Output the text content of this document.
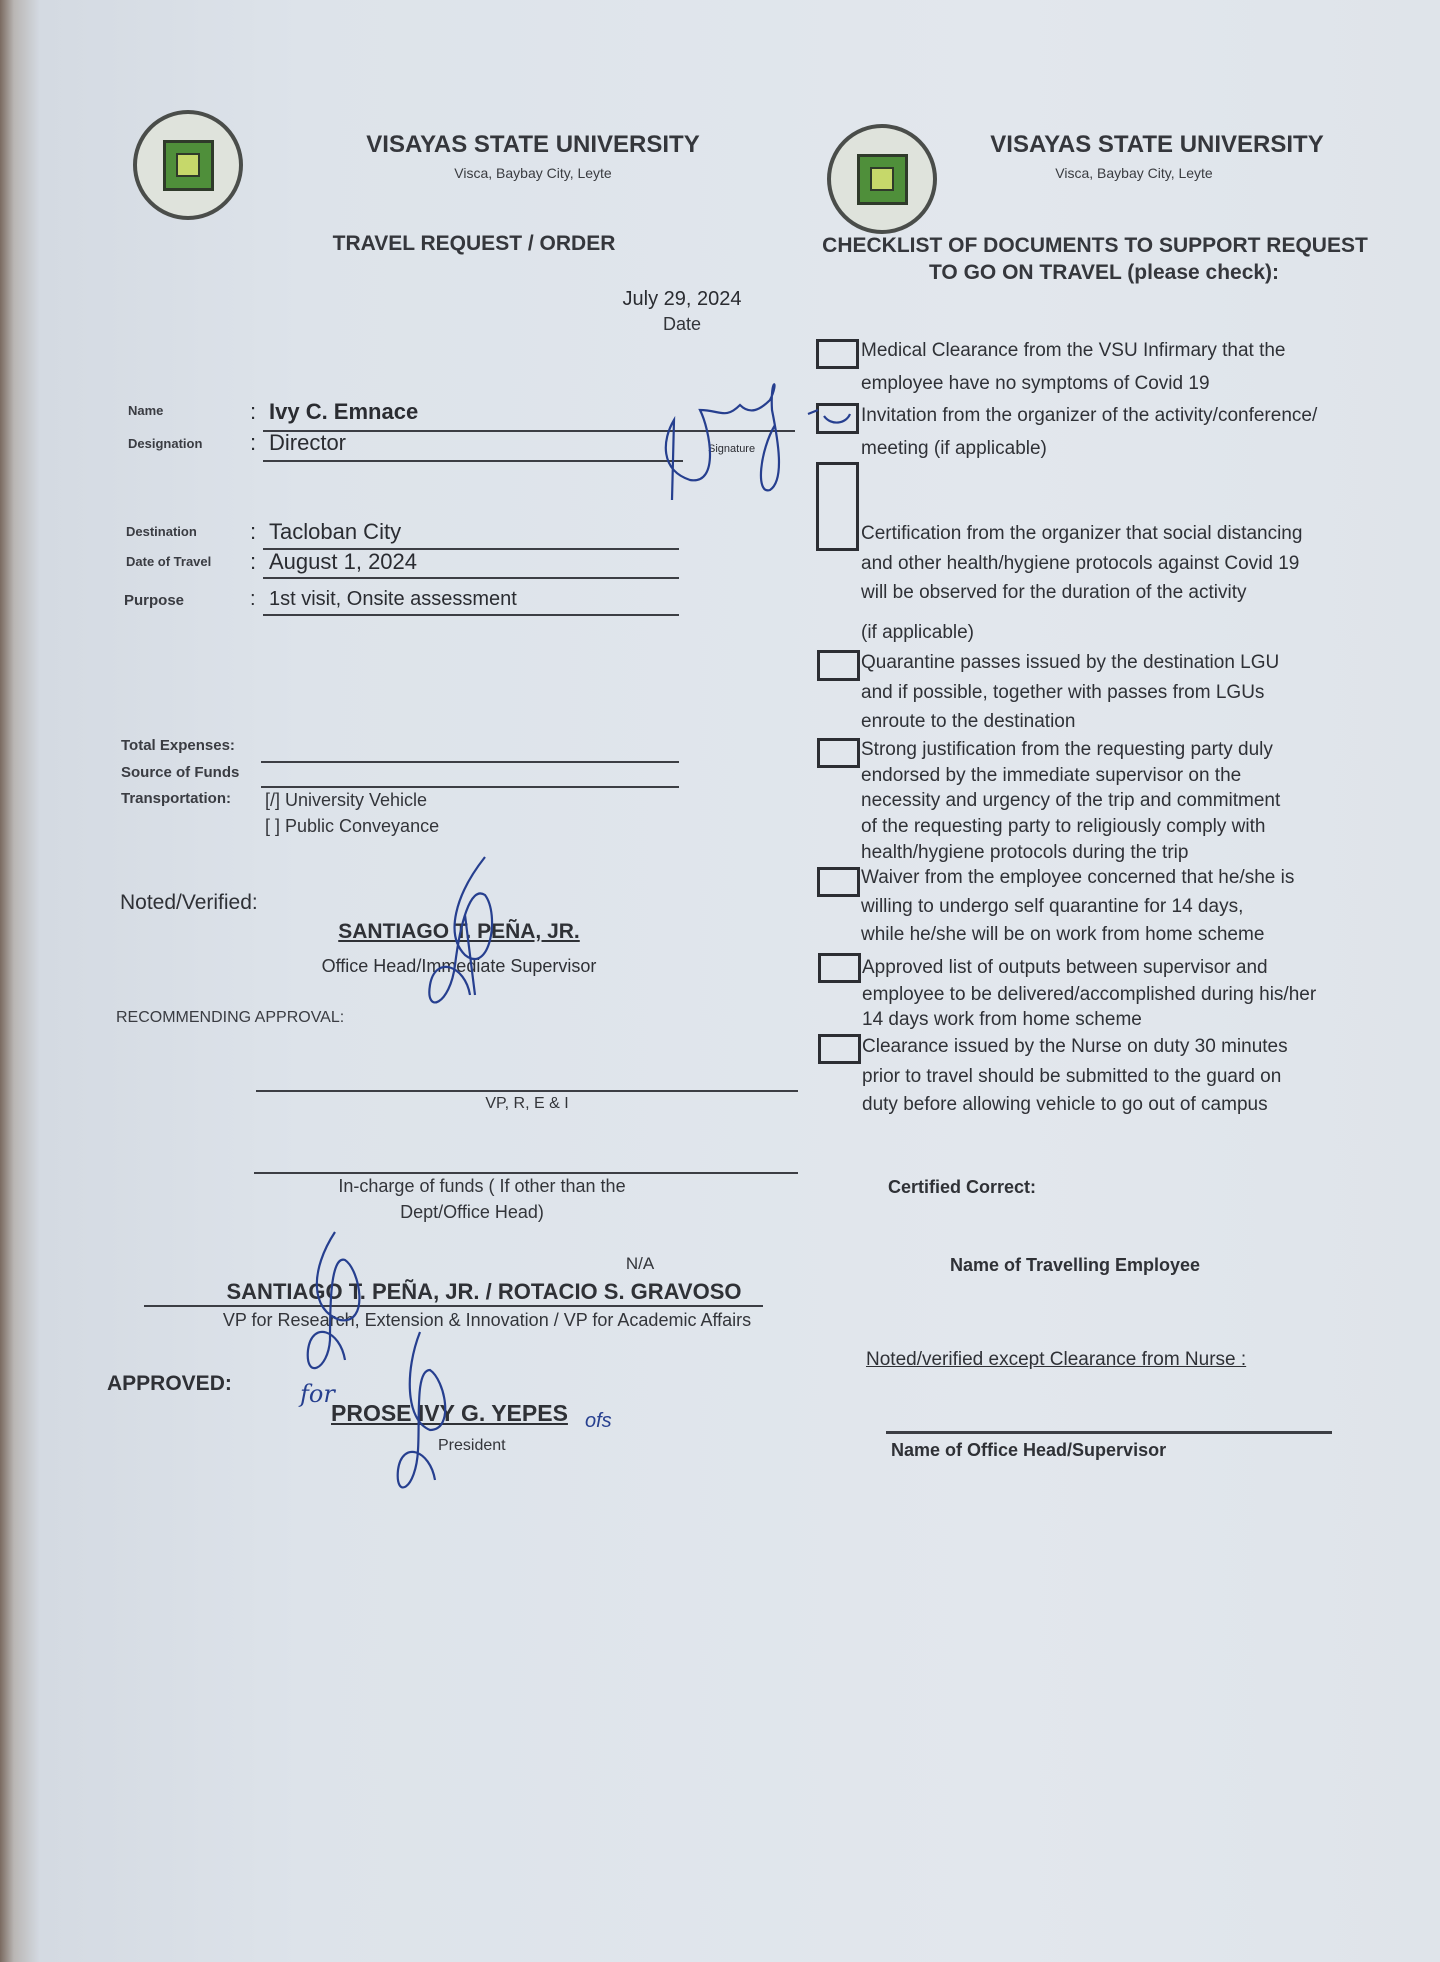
VISAYAS STATE UNIVERSITY
Visca, Baybay City, Leyte
TRAVEL REQUEST / ORDER
VISAYAS STATE UNIVERSITY
Visca, Baybay City, Leyte
CHECKLIST OF DOCUMENTS TO SUPPORT REQUEST
TO GO ON TRAVEL (please check):
July 29, 2024
Date
Name	: Ivy C. Emnace
Designation : Director	Signature
Destination : Tacloban City
Date of Travel : August 1, 2024
Purpose	: 1st visit, Onsite assessment
Total Expenses:
Source of Funds
Transportation: [/] University Vehicle
[ ] Public Conveyance
Noted/Verified:
SANTIAGO T. PEÑA, JR.
Office Head/Immediate Supervisor
RECOMMENDING APPROVAL:
VP, R, E & I
In-charge of funds ( If other than the
Dept/Office Head)
N/A
SANTIAGO T. PEÑA, JR. / ROTACIO S. GRAVOSO
VP for Research, Extension & Innovation / VP for Academic Affairs
APPROVED:	for
PROSE IVY G. YEPES
President
ofs
Medical Clearance from the VSU Infirmary that the
employee have no symptoms of Covid 19
Invitation from the organizer of the activity/conference/
meeting (if applicable)
Certification from the organizer that social distancing
and other health/hygiene protocols against Covid 19
will be observed for the duration of the activity
(if applicable)
Quarantine passes issued by the destination LGU
and if possible, together with passes from LGUs
enroute to the destination
Strong justification from the requesting party duly
endorsed by the immediate supervisor on the
necessity and urgency of the trip and commitment
of the requesting party to religiously comply with
health/hygiene protocols during the trip
Waiver from the employee concerned that he/she is
willing to undergo self quarantine for 14 days,
while he/she will be on work from home scheme
Approved list of outputs between supervisor and
employee to be delivered/accomplished during his/her
14 days work from home scheme
Clearance issued by the Nurse on duty 30 minutes
prior to travel should be submitted to the guard on
duty before allowing vehicle to go out of campus
Certified Correct:
Name of Travelling Employee
Noted/verified except Clearance from Nurse :
Name of Office Head/Supervisor
